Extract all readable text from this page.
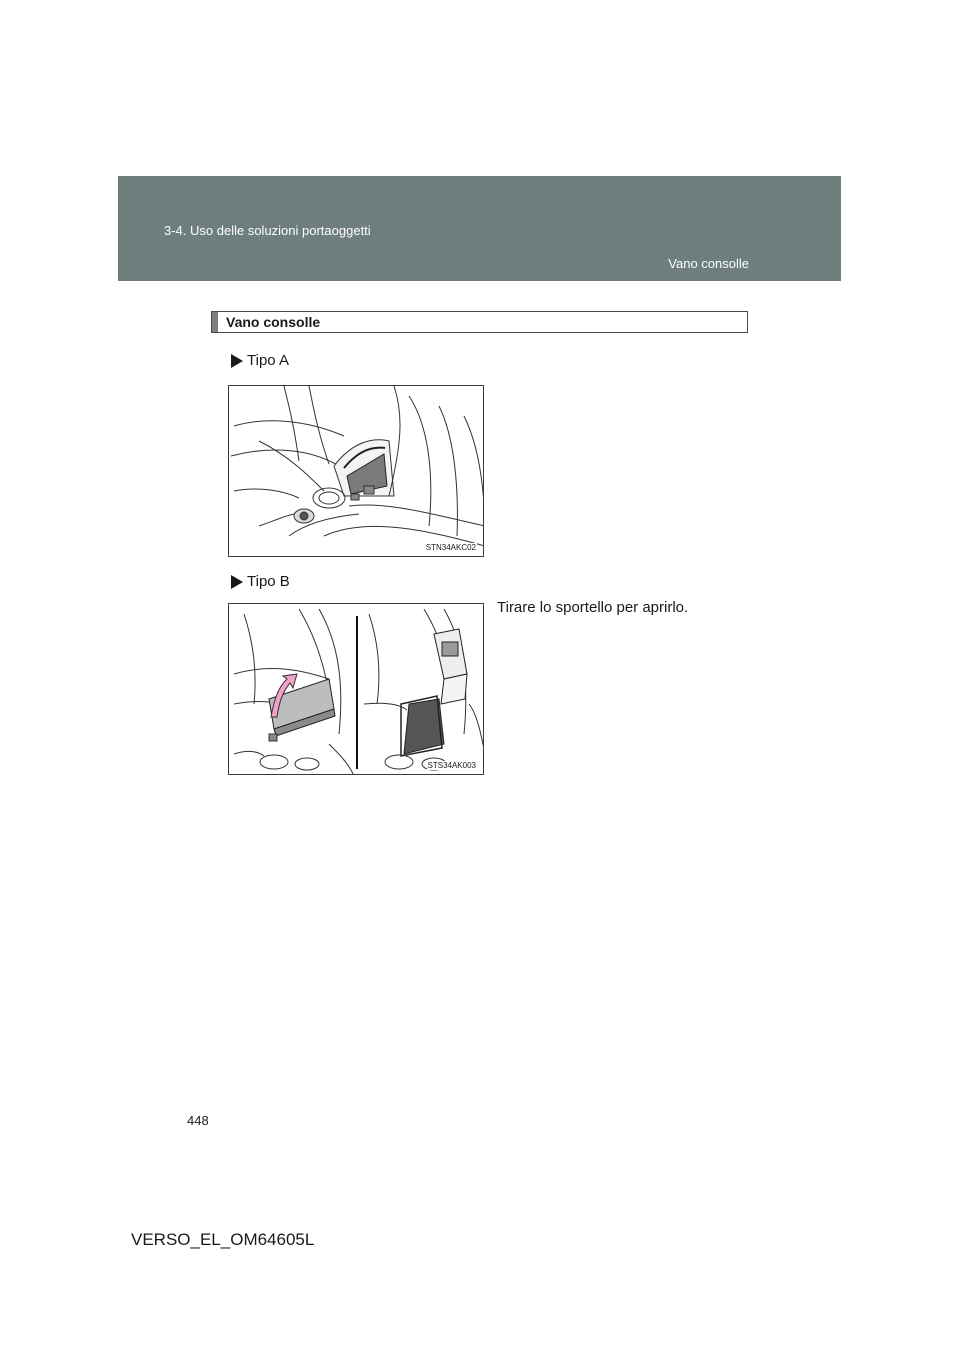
3-4. Uso delle soluzioni portaoggetti
Vano consolle
Vano consolle
Tipo A
STN34AKC02
Tipo B
STS34AK003
Tirare lo sportello per aprirlo.
448
VERSO_EL_OM64605L
